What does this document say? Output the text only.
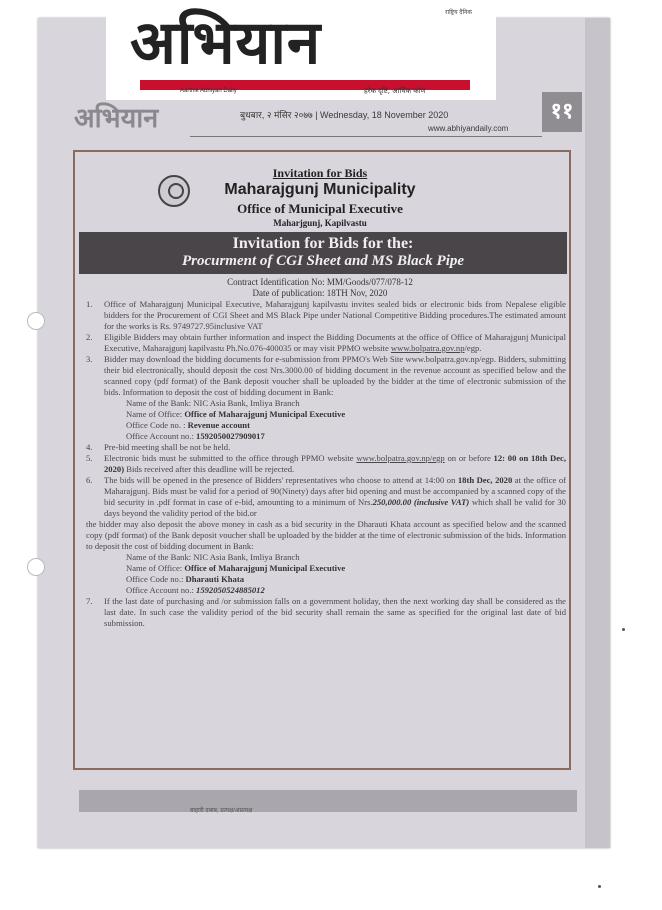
राष्ट्रिय दैनिक
अभियान
Aarthik Abhiyan Daily	हरेक दृष्टि, आर्थिक कोण
अभियान	बुधबार, २ मंसिर २०७७ | Wednesday, 18 November 2020
www.abhiyandaily.com
११
Invitation for Bids
Maharajgunj Municipality
Office of Municipal Executive
Maharjgunj, Kapilvastu
Invitation for Bids for the:
Procurment of CGI Sheet and MS Black Pipe
Contract Identification No: MM/Goods/077/078-12
Date of publication: 18TH Nov, 2020

1. Office of Maharajgunj Municipal Executive, Maharajgunj kapilvastu invites sealed bids or electronic bids from Nepalese eligible bidders for the Procurement of CGI Sheet and MS Black Pipe under National Competitive Bidding procedures.The estimated amount for the works is Rs. 9749727.95inclusive VAT

2. Eligible Bidders may obtain further information and inspect the Bidding Documents at the office of Office of Maharajgunj Municipal Executive, Maharajgunj kapilvastu Ph.No.076-400035 or may visit PPMO website www.bolpatra.gov.np/egp.

3. Bidder may download the bidding documents for e-submission from PPMO's Web Site www.bolpatra.gov.np/egp. Bidders, submitting their bid electronically, should deposit the cost Nrs.3000.00 of bidding document in the revenue account as specified below and the scanned copy (pdf format) of the Bank deposit voucher shall be uploaded by the bidder at the time of electronic submission of the bids. Information to deposit the cost of bidding document in Bank:

Name of the Bank: NIC Asia Bank, Imliya Branch
Name of Office: Office of Maharajgunj Municipal Executive
Office Code no. : Revenue account
Office Account no.: 1592050027909017

4. Pre-bid meeting shall be not be held.

5. Electronic bids must be submitted to the office through PPMO website www.bolpatra.gov.np/egp on or before 12: 00 on 18th Dec, 2020) Bids received after this deadline will be rejected.

6. The bids will be opened in the presence of Bidders' representatives who choose to attend at 14:00 on 18th Dec, 2020 at the office of Maharajgunj. Bids must be valid for a period of 90(Ninety) days after bid opening and must be accompanied by a scanned copy of the bid security in .pdf format in case of e-bid, amounting to a minimum of Nrs.250,000.00 (inclusive VAT) which shall be valid for 30 days beyond the validity period of the bid.or

the bidder may also deposit the above money in cash as a bid security in the Dharauti Khata account as specified below and the scanned copy (pdf format) of the Bank deposit voucher shall be uploaded by the bidder at the time of electronic submission of the bids. Information to deposit the cost of bidding document in Bank:
Name of the Bank: NIC Asia Bank, Imliya Branch
Name of Office: Office of Maharajgunj Municipal Executive
Office Code no.: Dharauti Khata
Office Account no.: 1592050524885012

7. If the last date of purchasing and /or submission falls on a government holiday, then the next working day shall be considered as the last date. In such case the validity period of the bid security shall remain the same as specified for the original last date of bid submission.

बाहारी दबाब, प्रत्यक्ष/अप्रत्यक्ष
